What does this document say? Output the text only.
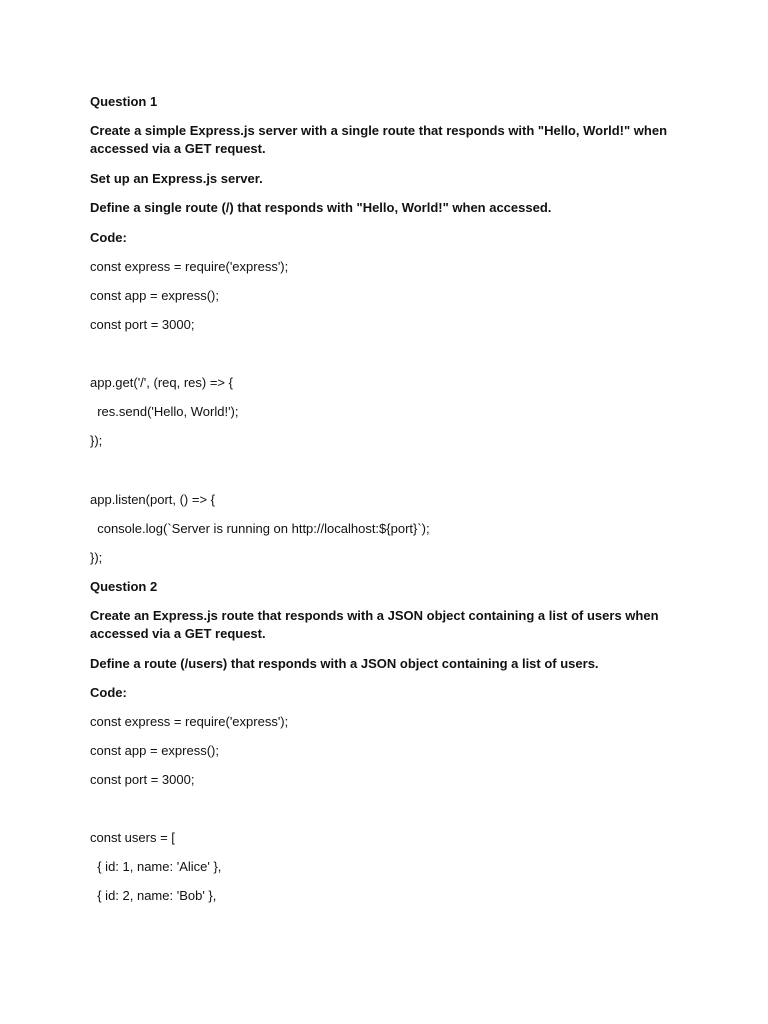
Question 1

Create a simple Express.js server with a single route that responds with "Hello, World!" when accessed via a GET request.

Set up an Express.js server.

Define a single route (/) that responds with "Hello, World!" when accessed.

Code:

const express = require('express');

const app = express();

const port = 3000;

app.get('/', (req, res) => {

res.send('Hello, World!');

});

app.listen(port, () => {

console.log(`Server is running on http://localhost:${port}`);

});

Question 2

Create an Express.js route that responds with a JSON object containing a list of users when accessed via a GET request.

Define a route (/users) that responds with a JSON object containing a list of users.

Code:

const express = require('express');

const app = express();

const port = 3000;

const users = [

{ id: 1, name: 'Alice' },

{ id: 2, name: 'Bob' },
